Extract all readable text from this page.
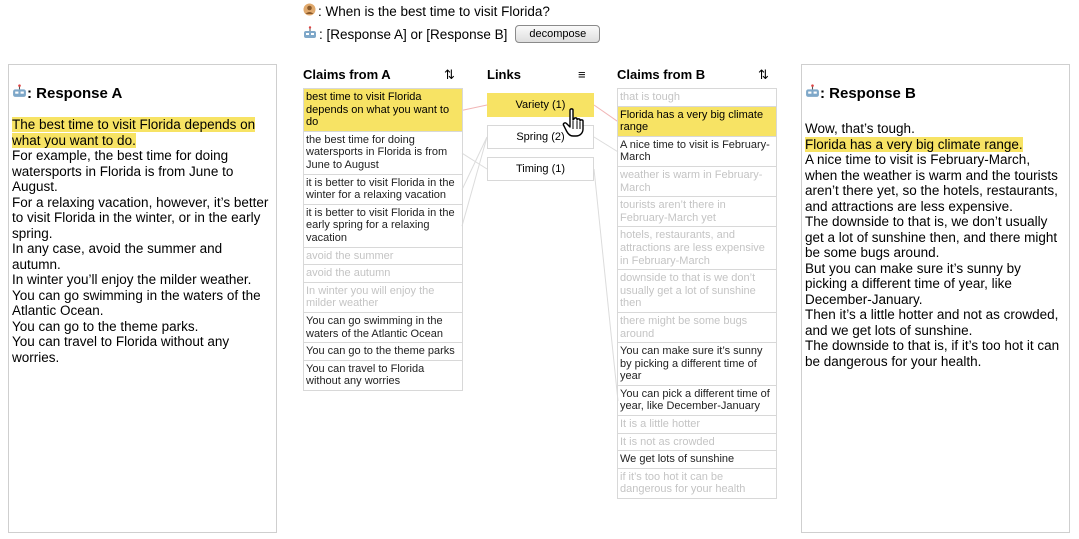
: When is the best time to visit Florida?
: [Response A] or [Response B]	decompose
: Response A
The best time to visit Florida depends on what you want to do.
For example, the best time for doing watersports in Florida is from June to August.
For a relaxing vacation, however, it’s better to visit Florida in the winter, or in the early spring.
In any case, avoid the summer and autumn.
In winter you’ll enjoy the milder weather.
You can go swimming in the waters of the Atlantic Ocean.
You can go to the theme parks.
You can travel to Florida without any worries.
Claims from A	⇅
best time to visit Florida depends on what you want to do
the best time for doing watersports in Florida is from June to August
it is better to visit Florida in the winter for a relaxing vacation
it is better to visit Florida in the early spring for a relaxing vacation
avoid the summer
avoid the autumn
In winter you will enjoy the milder weather
You can go swimming in the waters of the Atlantic Ocean
You can go to the theme parks
You can travel to Florida without any worries
Links	≡
Variety (1)
Spring (2)
Timing (1)
Claims from B	⇅
that is tough
Florida has a very big climate range
A nice time to visit is February-March
weather is warm in February-March
tourists aren’t there in February-March yet
hotels, restaurants, and attractions are less expensive in February-March
downside to that is we don’t usually get a lot of sunshine then
there might be some bugs around
You can make sure it’s sunny by picking a different time of year
You can pick a different time of year, like December-January
It is a little hotter
It is not as crowded
We get lots of sunshine
if it’s too hot it can be dangerous for your health
: Response B
Wow, that’s tough.
Florida has a very big climate range.
A nice time to visit is February-March, when the weather is warm and the tourists aren’t there yet, so the hotels, restaurants, and attractions are less expensive.
The downside to that is, we don’t usually get a lot of sunshine then, and there might be some bugs around.
But you can make sure it’s sunny by picking a different time of year, like December-January.
Then it’s a little hotter and not as crowded, and we get lots of sunshine.
The downside to that is, if it’s too hot it can be dangerous for your health.
